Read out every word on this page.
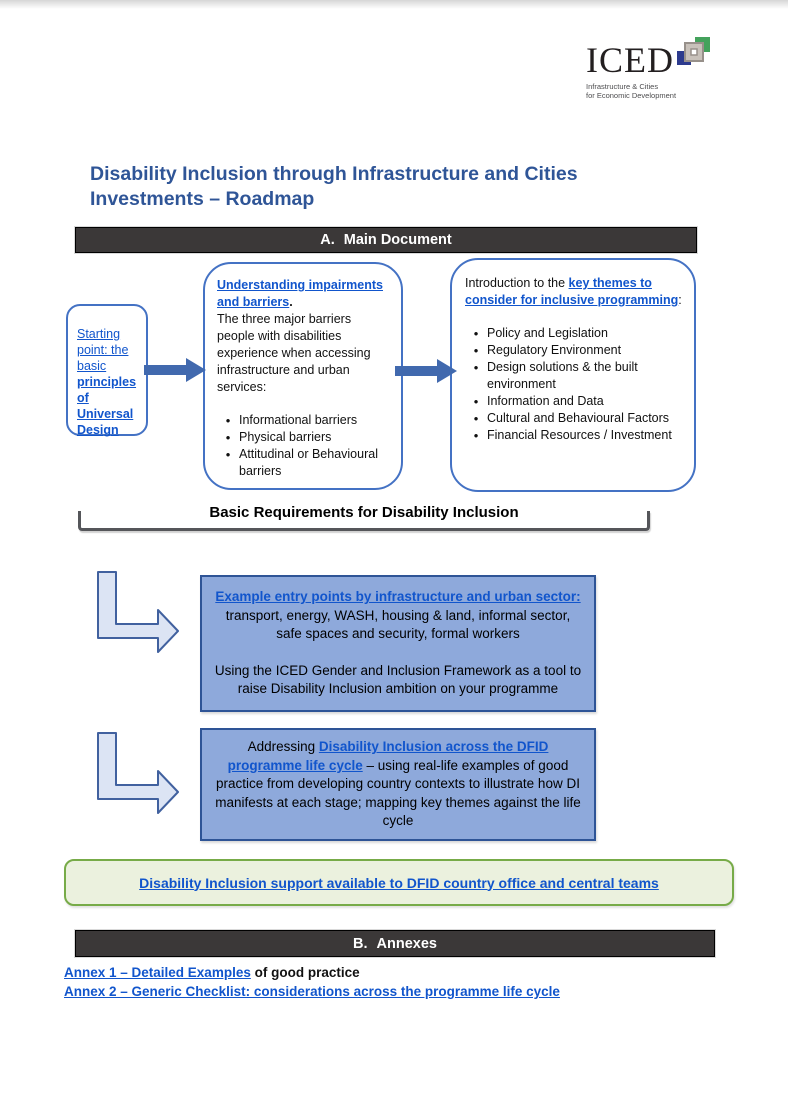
ICED
Infrastructure & Cities
for Economic Development
Disability Inclusion through Infrastructure and Cities Investments – Roadmap
A. Main Document
Starting point: the basic principles of Universal Design
Understanding impairments and barriers.
The three major barriers people with disabilities experience when accessing infrastructure and urban services:
• Informational barriers
• Physical barriers
• Attitudinal or Behavioural barriers
Introduction to the key themes to consider for inclusive programming:
• Policy and Legislation
• Regulatory Environment
• Design solutions & the built environment
• Information and Data
• Cultural and Behavioural Factors
• Financial Resources / Investment
Basic Requirements for Disability Inclusion

Example entry points by infrastructure and urban sector: transport, energy, WASH, housing & land, informal sector, safe spaces and security, formal workers

Using the ICED Gender and Inclusion Framework as a tool to raise Disability Inclusion ambition on your programme

Addressing Disability Inclusion across the DFID programme life cycle – using real-life examples of good practice from developing country contexts to illustrate how DI manifests at each stage; mapping key themes against the life cycle

Disability Inclusion support available to DFID country office and central teams
B. Annexes
Annex 1 – Detailed Examples of good practice
Annex 2 – Generic Checklist: considerations across the programme life cycle
